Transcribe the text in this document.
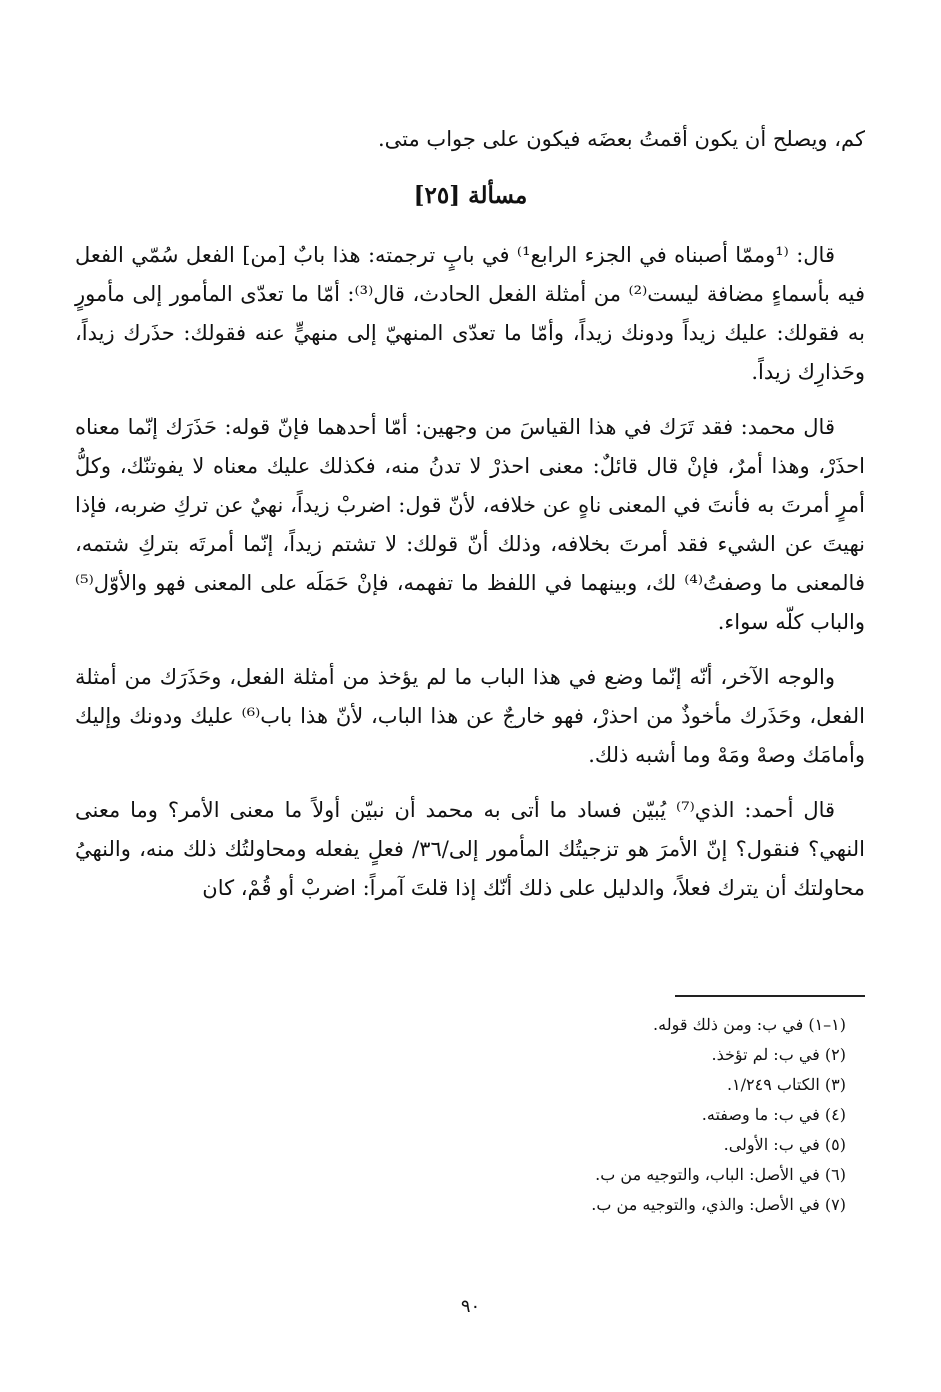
كم، ويصلح أن يكون أقمتُ بعضَه فيكون على جواب متى.

مسألة [٢٥]

قال: ⁽¹وممّا أصبناه في الجزء الرابع¹⁾ في بابٍ ترجمته: هذا بابٌ [من] الفعل سُمّي الفعل فيه بأسماءٍ مضافة ليست⁽²⁾ من أمثلة الفعل الحادث، قال⁽³⁾: أمّا ما تعدّى المأمور إلى مأمورٍ به فقولك: عليك زيداً ودونك زيداً، وأمّا ما تعدّى المنهيّ إلى منهيٍّ عنه فقولك: حذَرك زيداً، وحَذارِك زيداً.

قال محمد: فقد تَرَك في هذا القياسَ من وجهين: أمّا أحدهما فإنّ قوله: حَذَرَك إنّما معناه احذَرْ، وهذا أمرٌ، فإنْ قال قائلٌ: معنى احذرْ لا تدنُ منه، فكذلك عليك معناه لا يفوتنّك، وكلُّ أمرٍ أمرتَ به فأنتَ في المعنى ناهٍ عن خلافه، لأنّ قول: اضربْ زيداً، نهيٌ عن تركِ ضربه، فإذا نهيتَ عن الشيء فقد أمرتَ بخلافه، وذلك أنّ قولك: لا تشتم زيداً، إنّما أمرتَه بتركِ شتمه، فالمعنى ما وصفتُ⁽⁴⁾ لك، وبينهما في اللفظ ما تفهمه، فإنْ حَمَلَه على المعنى فهو والأوّل⁽⁵⁾ والباب كلّه سواء.

والوجه الآخر، أنّه إنّما وضع في هذا الباب ما لم يؤخذ من أمثلة الفعل، وحَذَرَك من أمثلة الفعل، وحَذَرك مأخوذٌ من احذرْ، فهو خارجٌ عن هذا الباب، لأنّ هذا باب⁽⁶⁾ عليك ودونك وإليك وأمامَك وصهْ ومَهْ وما أشبه ذلك.

قال أحمد: الذي⁽⁷⁾ يُبيّن فساد ما أتى به محمد أن نبيّن أولاً ما معنى الأمر؟ وما معنى النهي؟ فنقول؟ إنّ الأمرَ هو تزجيتُك المأمور إلى/٣٦/ فعلٍ يفعله ومحاولتُك ذلك منه، والنهيُ محاولتك أن يترك فعلاً، والدليل على ذلك أنّك إذا قلتَ آمراً: اضربْ أو قُمْ، كان

(١–١) في ب: ومن ذلك قوله.

(٢) في ب: لم تؤخذ.

(٣) الكتاب ١/٢٤٩.

(٤) في ب: ما وصفته.

(٥) في ب: الأولى.

(٦) في الأصل: الباب، والتوجيه من ب.

(٧) في الأصل: والذي، والتوجيه من ب.

٩٠
